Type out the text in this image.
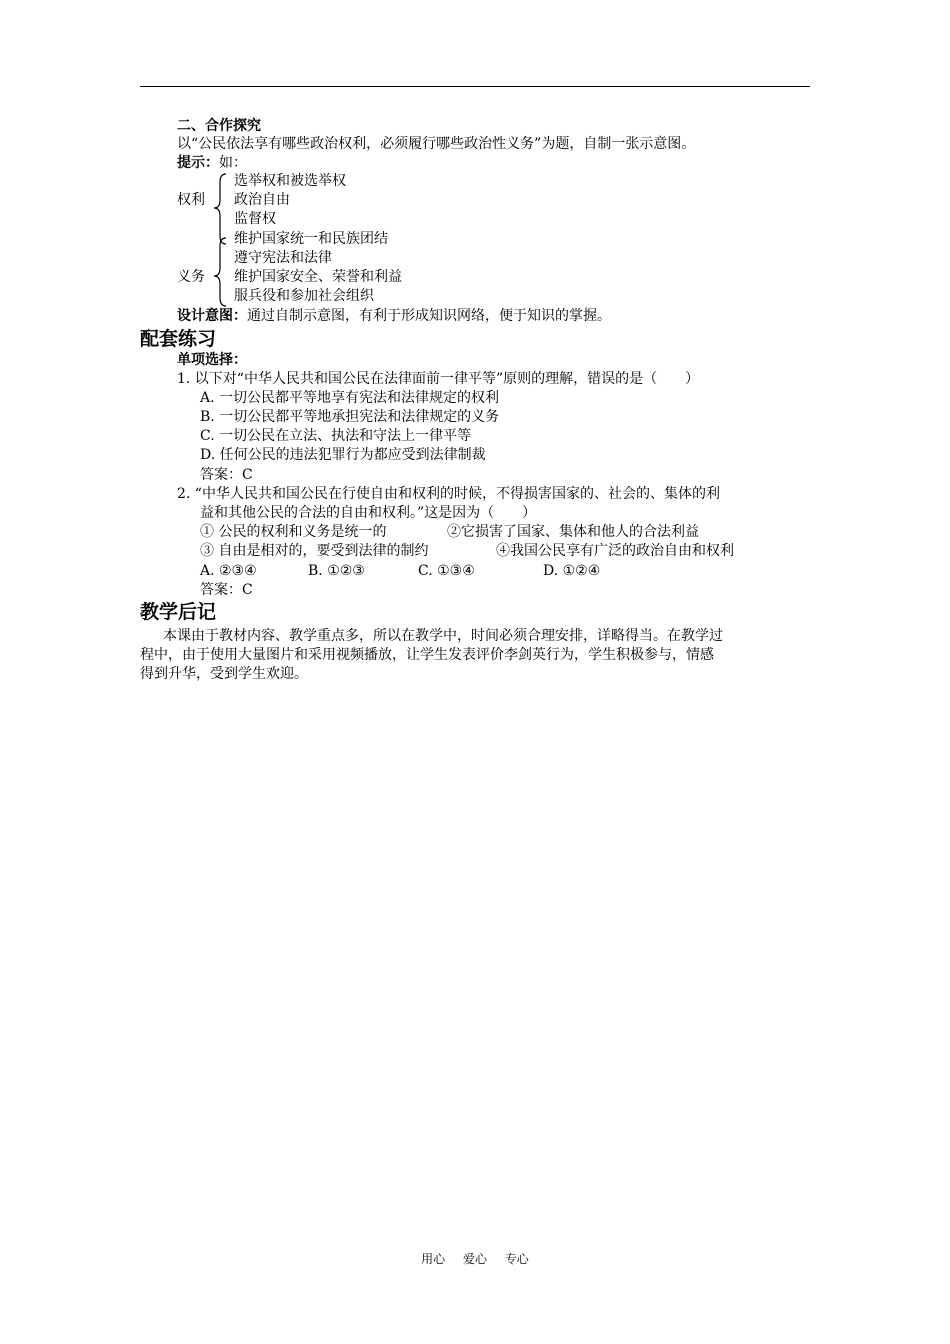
二、合作探究
以“公民依法享有哪些政治权利，必须履行哪些政治性义务”为题，自制一张示意图。
提示：如：
权利
选举权和被选举权
政治自由
监督权
义务
维护国家统一和民族团结
遵守宪法和法律
维护国家安全、荣誉和利益
服兵役和参加社会组织
设计意图：通过自制示意图，有利于形成知识网络，便于知识的掌握。
配套练习
单项选择：
1. 以下对“中华人民共和国公民在法律面前一律平等”原则的理解，错误的是（　　）
A. 一切公民都平等地享有宪法和法律规定的权利
B. 一切公民都平等地承担宪法和法律规定的义务
C. 一切公民在立法、执法和守法上一律平等
D. 任何公民的违法犯罪行为都应受到法律制裁
答案：C
2. “中华人民共和国公民在行使自由和权利的时候，不得损害国家的、社会的、集体的利
益和其他公民的合法的自由和权利。”这是因为（　　）
① 公民的权利和义务是统一的	②它损害了国家、集体和他人的合法利益
③ 自由是相对的，要受到法律的制约	④我国公民享有广泛的政治自由和权利
A. ②③④	B. ①②③	C. ①③④	D. ①②④
答案：C
教学后记
本课由于教材内容、教学重点多，所以在教学中，时间必须合理安排，详略得当。在教学过
程中，由于使用大量图片和采用视频播放，让学生发表评价李剑英行为，学生积极参与，情感
得到升华，受到学生欢迎。
用心 爱心 专心
